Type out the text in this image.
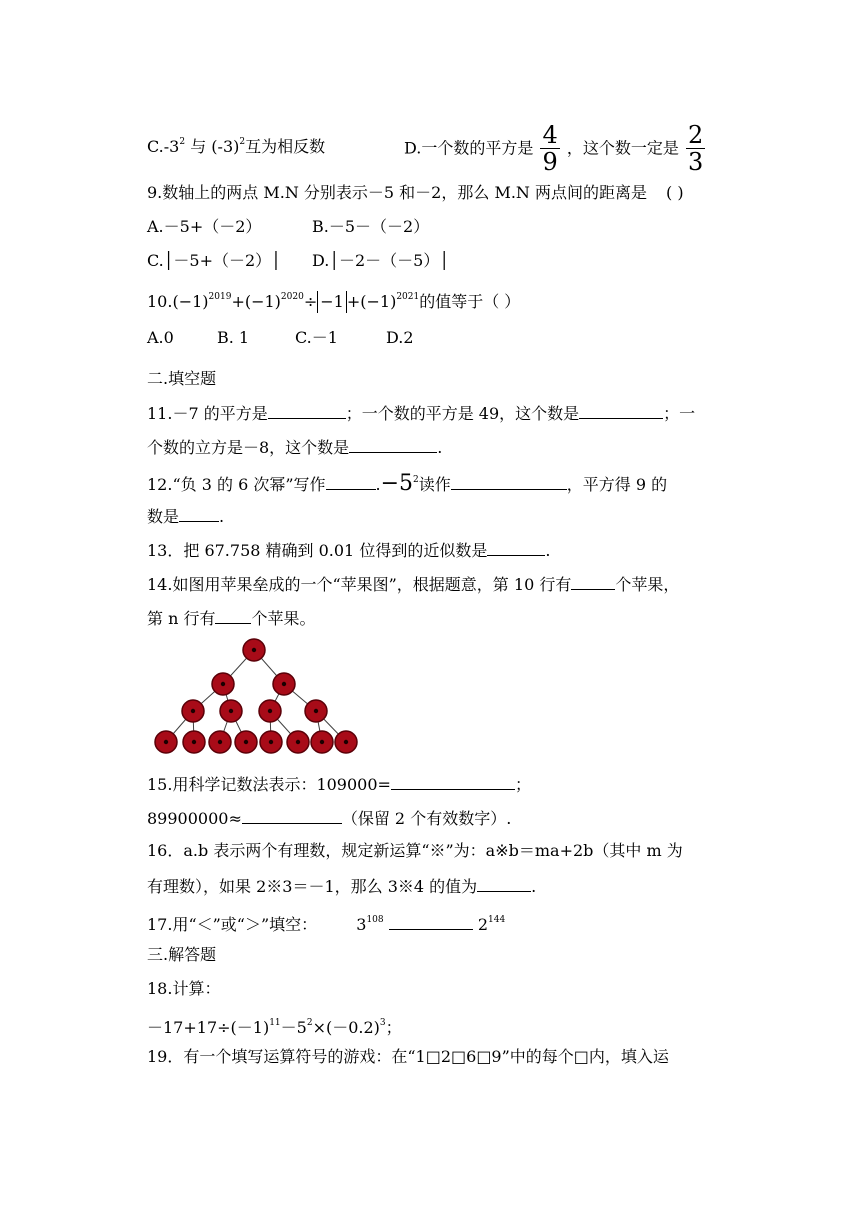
$C.-3^2$ 与 $(-3)^2$互为相反数	D.一个数的平方是 $\frac{4}{9}$ ，这个数一定是 $\frac{2}{3}$
9.数轴上的两点 M.N 分别表示－5 和－2，那么 M.N 两点间的距离是 ( )
A.－5+（－2）	B.－5－（－2）
C.│－5+（－2）│ D.│－2－（－5）│
$10.(-1)^{2019}+(-1)^{2020}\div -1 +(-1)^{2021}$的值等于（ ）
A.0	B. 1	C.－1	D.2
二.填空题
11.－7 的平方是	；一个数的平方是 49，这个数是	；一
个数的立方是－8，这个数是	.
12.“负 3 的 6 次幂”写作	$.-5^2$读作	，平方得 9 的
数是	.
13．把 67.758 精确到 0.01 位得到的近似数是	.
14.如图用苹果垒成的一个“苹果图”，根据题意，第 10 行有	个苹果，
第 n 行有 个苹果。
15.用科学记数法表示：109000=	；
89900000≈	（保留 2 个有效数字）.
16．a.b 表示两个有理数，规定新运算“※”为：a※b＝ma+2b（其中 m 为
有理数），如果 2※3＝－1，那么 3※4 的值为	.
17.用“＜”或“＞”填空： $3^{108}$	$2^{144}$
三.解答题
18.计算：
$-17+17\div(-1)^{11}-5^2\times(-0.2)^3$；
19．有一个填写运算符号的游戏：在“1□2□6□9”中的每个□内，填入运
